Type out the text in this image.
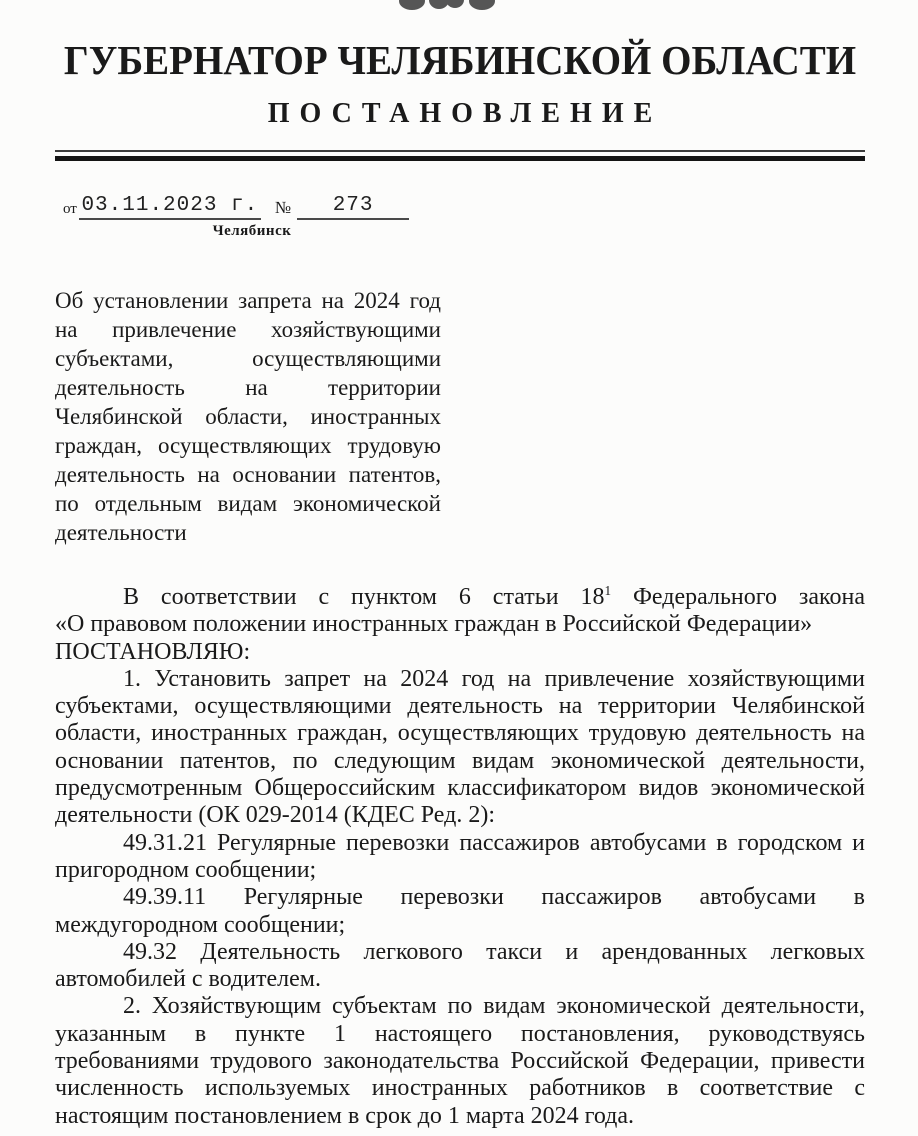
ГУБЕРНАТОР ЧЕЛЯБИНСКОЙ ОБЛАСТИ
ПОСТАНОВЛЕНИЕ
от 03.11.2023 г. №	273
Челябинск
Об установлении запрета на 2024 год на привлечение хозяйствующими субъектами, осуществляющими деятельность на территории Челябинской области, иностранных граждан, осуществляющих трудовую деятельность на основании патентов, по отдельным видам экономической деятельности

В соответствии с пунктом 6 статьи $18^1$ Федерального закона

«О правовом положении иностранных граждан в Российской Федерации»

ПОСТАНОВЛЯЮ:

1. Установить запрет на 2024 год на привлечение хозяйствующими субъектами, осуществляющими деятельность на территории Челябинской области, иностранных граждан, осуществляющих трудовую деятельность на основании патентов, по следующим видам экономической деятельности, предусмотренным Общероссийским классификатором видов экономической деятельности (ОК 029-2014 (КДЕС Ред. 2):

49.31.21 Регулярные перевозки пассажиров автобусами в городском и пригородном сообщении;

49.39.11 Регулярные перевозки пассажиров автобусами в междугородном сообщении;

49.32 Деятельность легкового такси и арендованных легковых автомобилей с водителем.

2. Хозяйствующим субъектам по видам экономической деятельности, указанным в пункте 1 настоящего постановления, руководствуясь требованиями трудового законодательства Российской Федерации, привести численность используемых иностранных работников в соответствие с настоящим постановлением в срок до 1 марта 2024 года.
